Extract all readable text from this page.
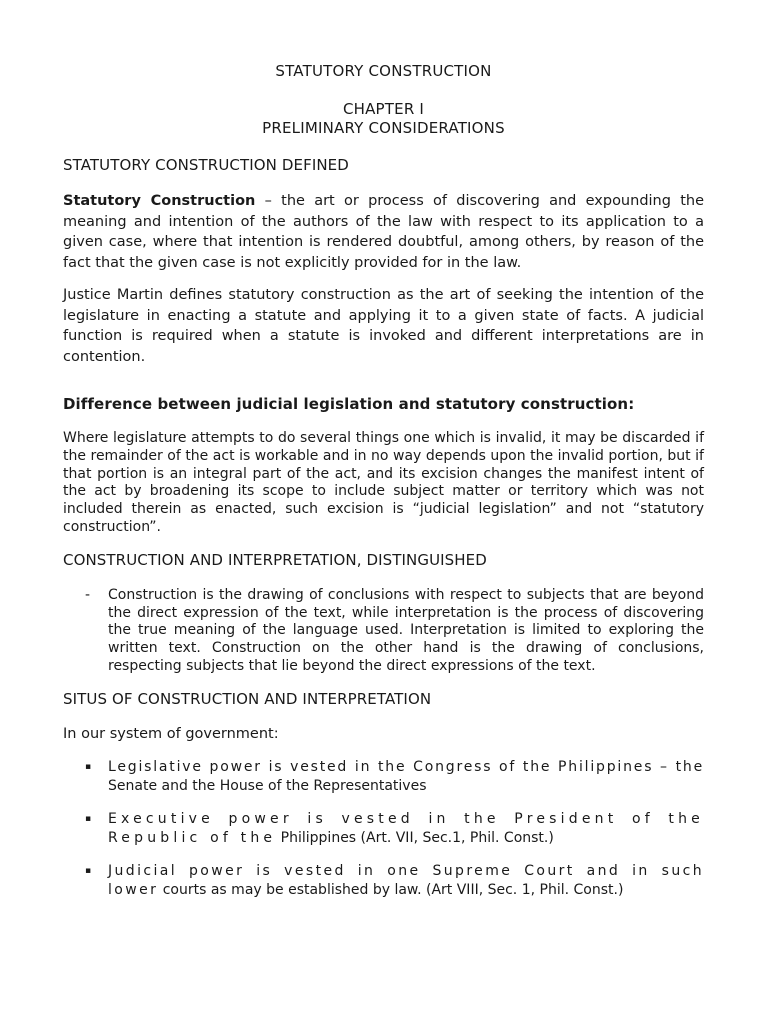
STATUTORY CONSTRUCTION
CHAPTER I
PRELIMINARY CONSIDERATIONS
STATUTORY CONSTRUCTION DEFINED

Statutory Construction – the art or process of discovering and expounding the meaning and intention of the authors of the law with respect to its application to a given case, where that intention is rendered doubtful, among others, by reason of the fact that the given case is not explicitly provided for in the law.

Justice Martin defines statutory construction as the art of seeking the intention of the legislature in enacting a statute and applying it to a given state of facts. A judicial function is required when a statute is invoked and different interpretations are in contention.

Difference between judicial legislation and statutory construction:

Where legislature attempts to do several things one which is invalid, it may be discarded if the remainder of the act is workable and in no way depends upon the invalid portion, but if that portion is an integral part of the act, and its excision changes the manifest intent of the act by broadening its scope to include subject matter or territory which was not included therein as enacted, such excision is “judicial legislation” and not “statutory construction”.

CONSTRUCTION AND INTERPRETATION, DISTINGUISHED
- Construction is the drawing of conclusions with respect to subjects that are beyond the direct expression of the text, while interpretation is the process of discovering the true meaning of the language used. Interpretation is limited to exploring the written text. Construction on the other hand is the drawing of conclusions, respecting subjects that lie beyond the direct expressions of the text.
SITUS OF CONSTRUCTION AND INTERPRETATION
In our system of government:
▪ Legislative power is vested in the Congress of the Philippines – the Senate and the House of the Representatives
▪ Executive power is vested in the President of the Republic of the Philippines (Art. VII, Sec.1, Phil. Const.)
▪ Judicial power is vested in one Supreme Court and in such lower courts as may be established by law. (Art VIII, Sec. 1, Phil. Const.)
